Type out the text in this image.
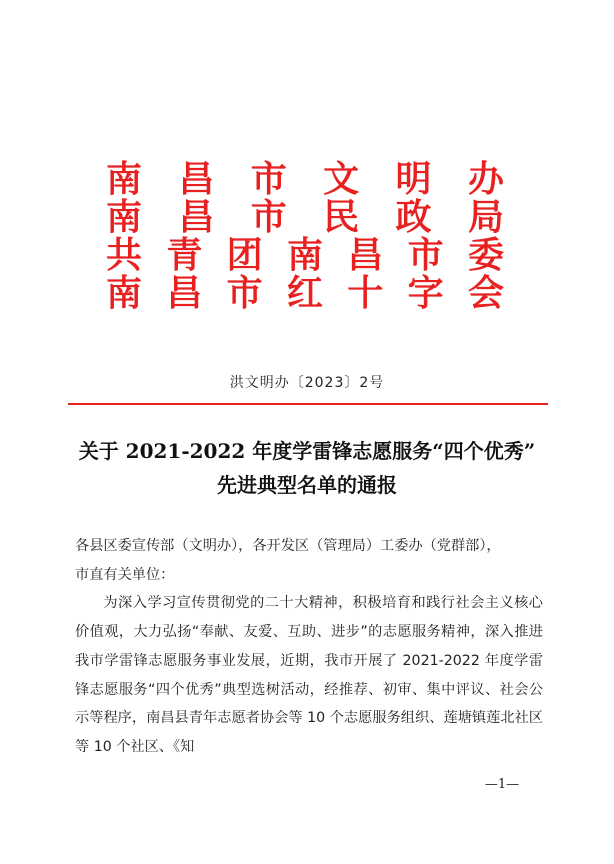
南 昌 市 文 明 办
南 昌 市 民 政 局
共 青 团 南 昌 市 委
南 昌 市 红 十 字 会
洪文明办〔2023〕2号
关于 2021-2022 年度学雷锋志愿服务“四个优秀”
先进典型名单的通报

各县区委宣传部（文明办），各开发区（管理局）工委办（党群部），
市直有关单位：

为深入学习宣传贯彻党的二十大精神，积极培育和践行社会主义核心价值观，大力弘扬“奉献、友爱、互助、进步”的志愿服务精神，深入推进我市学雷锋志愿服务事业发展，近期，我市开展了 2021-2022 年度学雷锋志愿服务“四个优秀”典型选树活动，经推荐、初审、集中评议、社会公示等程序，南昌县青年志愿者协会等 10 个志愿服务组织、莲塘镇莲北社区等 10 个社区、《知

—1—
